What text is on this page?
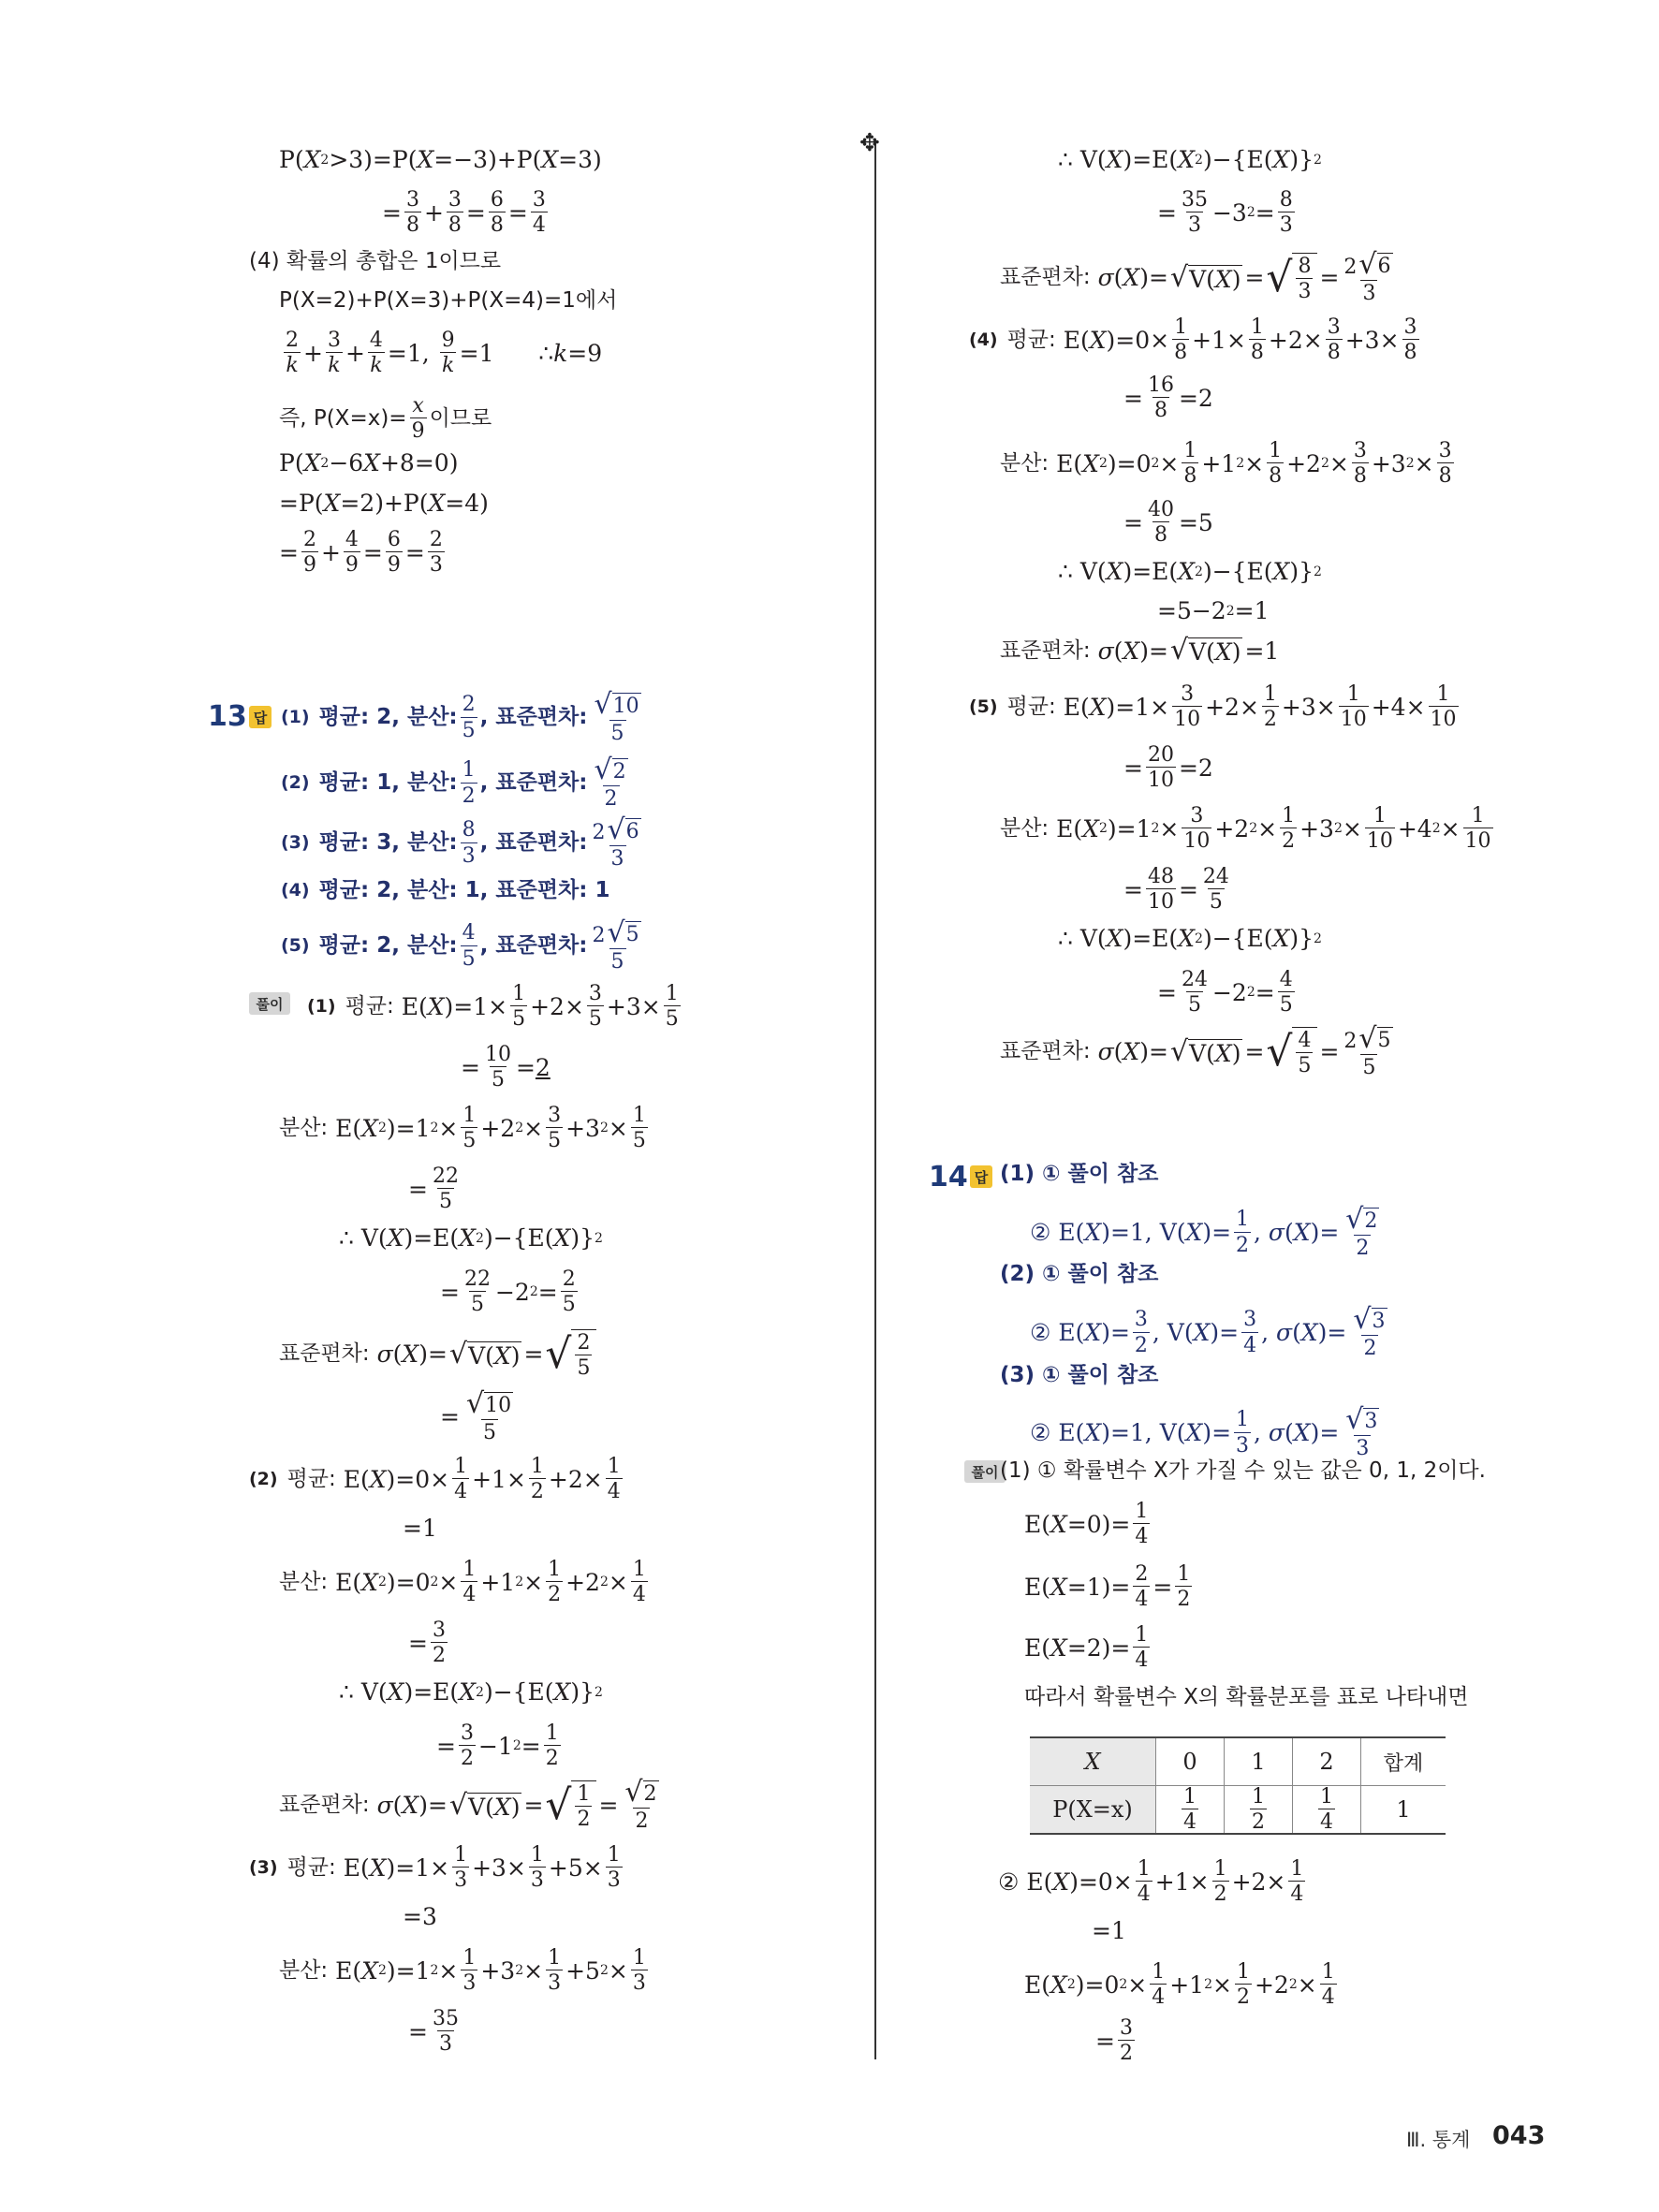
✥
P( X 2 >3)=P( X =−3)+P( X =3)
= $\frac{3}{8} + \frac{3}{8} = \frac{6}{8} = \frac{3}{4}$
(4) 확률의 총합은 1이므로
P(X=2)+P(X=3)+P(X=4)=1에서
$\frac{2}{k} + \frac{3}{k} + \frac{4}{k} =1$, $\frac{9}{k} =1$      ∴ k =9
즉, $P(X=x)= \frac{x}{9}$ 이므로
P( X 2 −6 X +8=0)
=P( X =2)+P( X =4)
= $\frac{2}{9} + \frac{4}{9} = \frac{6}{9} = \frac{2}{3}$
13 답 (1) 평균: 2, 분산: $\frac{2}{5}$ , 표준편차: $\frac{√ 10}{5}$
(2) 평균: 1, 분산: $\frac{1}{2}$ , 표준편차: $\frac{√ 2}{2}$
(3) 평균: 3, 분산: $\frac{8}{3}$ , 표준편차: $\frac{2 √ 6}{3}$
(4) 평균: 2, 분산: 1, 표준편차: 1
(5) 평균: 2, 분산: $\frac{4}{5}$ , 표준편차: $\frac{2 √ 5}{5}$
풀이	(1) 평균: E( X )$=1\times \frac{1}{5} +2\times \frac{3}{5} +3\times \frac{1}{5}$
= $\frac{10}{5} = 2$
분산: E( X 2 )=1 $2 \times \frac{1}{5} +2$ $2 \times \frac{3}{5} +3$ $2 \times \frac{1}{5}$
= $\frac{22}{5}$
∴ V( X )=E( X 2 )−{E( X )} 2
= $\frac{22}{5} -2$ $2 = \frac{2}{5}$
표준편차:
σ ( X )= √ V( X ) = √ $\frac{2}{5}$
= $\frac{√ 10}{5}$
(2) 평균: E( X )$=0\times \frac{1}{4} +1\times \frac{1}{2} +2\times \frac{1}{4}$
=1
분산: E( X 2 )=0 $2 \times \frac{1}{4} +1$ $2 \times \frac{1}{2} +2$ $2 \times \frac{1}{4}$
= $\frac{3}{2}$
∴ V( X )=E( X 2 )−{E( X )} 2
= $\frac{3}{2} -1$ $2 = \frac{1}{2}$
표준편차:
σ ( X )= √ V( X ) = √ $\frac{1}{2} = \frac{√ 2}{2}$
(3) 평균: E( X )$=1\times \frac{1}{3} +3\times \frac{1}{3} +5\times \frac{1}{3}$
=3
분산: E( X 2 )=1 $2 \times \frac{1}{3} +3$ $2 \times \frac{1}{3} +5$ $2 \times \frac{1}{3}$
= $\frac{35}{3}$
∴ V( X )=E( X 2 )−{E( X )} 2
= $\frac{35}{3} -3$ $2 = \frac{8}{3}$
표준편차:
σ ( X )= √ V( X ) = √ $\frac{8}{3} = \frac{2 √ 6}{3}$
(4) 평균: E( X )$=0\times \frac{1}{8} +1\times \frac{1}{8} +2\times \frac{3}{8} +3\times \frac{3}{8}$
= $\frac{16}{8} =2$
분산: E( X 2 )=0 $2 \times \frac{1}{8} +1$ $2 \times \frac{1}{8} +2$ $2 \times \frac{3}{8} +3$ $2 \times \frac{3}{8}$
= $\frac{40}{8} =5$
∴ V( X )=E( X 2 )−{E( X )} 2
=5−2 2 =1
표준편차:
σ ( X )= √ V( X ) =1
(5) 평균: E( X )$=1\times \frac{3}{10} +2\times \frac{1}{2} +3\times \frac{1}{10} +4\times \frac{1}{10}$
= $\frac{20}{10} =2$
분산: E( X 2 )=1 $2 \times \frac{3}{10} +2$ $2 \times \frac{1}{2} +3$ $2 \times \frac{1}{10} +4$ $2 \times \frac{1}{10}$
= $\frac{48}{10} = \frac{24}{5}$
∴ V( X )=E( X 2 )−{E( X )} 2
= $\frac{24}{5} -2$ $2 = \frac{4}{5}$
표준편차:
σ ( X )= √ V( X ) = √ $\frac{4}{5} = \frac{2 √ 5}{5}$
14 답 (1) ① 풀이 참조
② E( X )=1, V( X )= $\frac{1}{2}$ , σ ( X )= $\frac{√ 2}{2}$
(2) ① 풀이 참조
② E( X )= $\frac{3}{2}$ , V( X )= $\frac{3}{4}$ , σ ( X )= $\frac{√ 3}{2}$
(3) ① 풀이 참조
② E( X )=1, V( X )= $\frac{1}{3}$ , σ ( X )= $\frac{√ 3}{3}$
풀이 (1) ① 확률변수 X가 가질 수 있는 값은 0, 1, 2이다.
E( $X =0)= \frac{1}{4}$
E( $X =1)= \frac{2}{4} = \frac{1}{2}$
E( $X =2)= \frac{1}{4}$
따라서 확률변수 X의 확률분포를 표로 나타내면
X	0	1	2	합계
P(X=x)	$\frac{1}{4}$	$\frac{1}{2}$	$\frac{1}{4}$	1
② E( X )$=0\times \frac{1}{4} +1\times \frac{1}{2} +2\times \frac{1}{4}$
=1
E( X 2 )=0 $2 \times \frac{1}{4} +1$ $2 \times \frac{1}{2} +2$ $2 \times \frac{1}{4}$
= $\frac{3}{2}$
Ⅲ. 통계 043
